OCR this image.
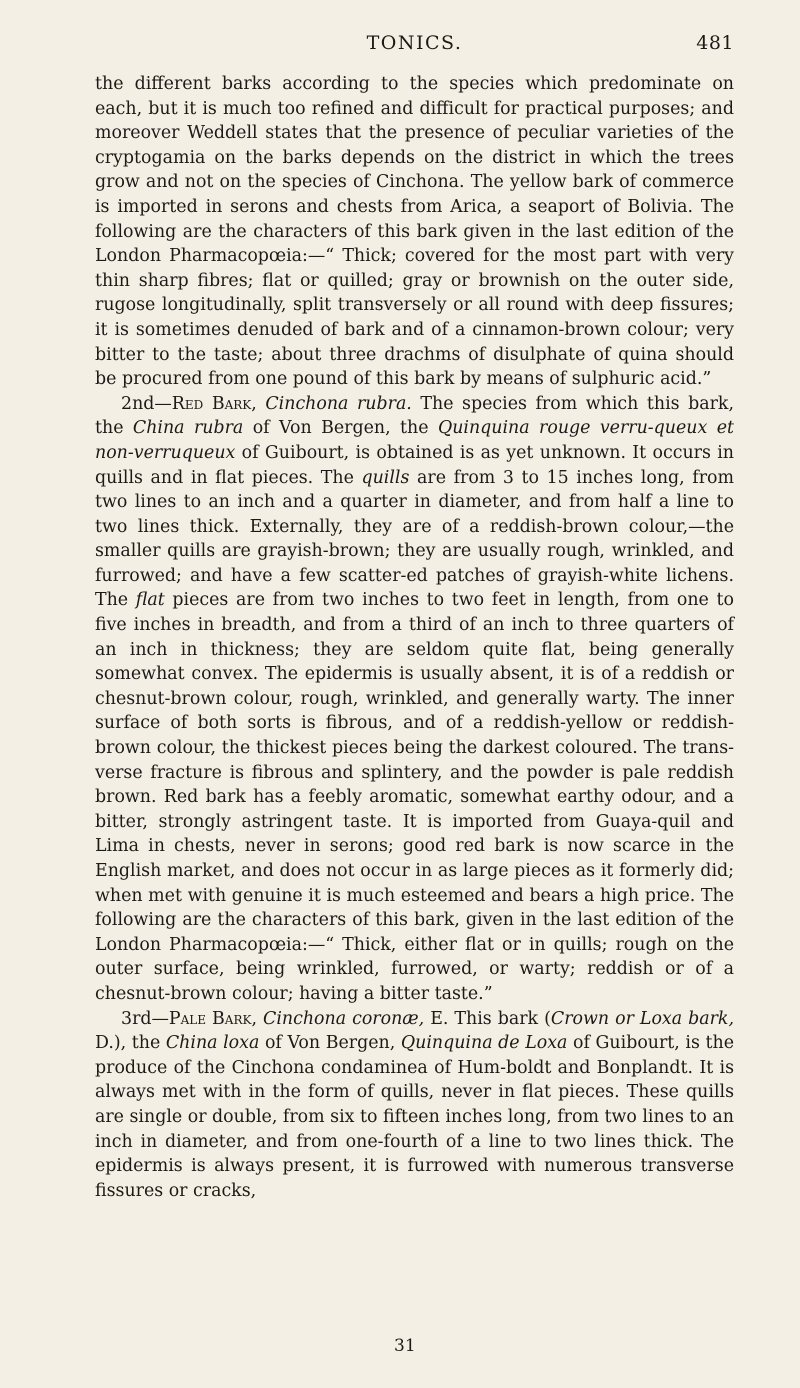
TONICS.	481

the different barks according to the species which predominate on each, but it is much too refined and difficult for practical purposes; and moreover Weddell states that the presence of peculiar varieties of the cryptogamia on the barks depends on the district in which the trees grow and not on the species of Cinchona. The yellow bark of commerce is imported in serons and chests from Arica, a seaport of Bolivia. The following are the characters of this bark given in the last edition of the London Pharmacopœia:—“ Thick; covered for the most part with very thin sharp fibres; flat or quilled; gray or brownish on the outer side, rugose longitudinally, split transversely or all round with deep fissures; it is sometimes denuded of bark and of a cinnamon-brown colour; very bitter to the taste; about three drachms of disulphate of quina should be procured from one pound of this bark by means of sulphuric acid.”

2nd—Red Bark, Cinchona rubra. The species from which this bark, the China rubra of Von Bergen, the Quinquina rouge verru-queux et non-verruqueux of Guibourt, is obtained is as yet unknown. It occurs in quills and in flat pieces. The quills are from 3 to 15 inches long, from two lines to an inch and a quarter in diameter, and from half a line to two lines thick. Externally, they are of a reddish-brown colour,—the smaller quills are grayish-brown; they are usually rough, wrinkled, and furrowed; and have a few scatter-ed patches of grayish-white lichens. The flat pieces are from two inches to two feet in length, from one to five inches in breadth, and from a third of an inch to three quarters of an inch in thickness; they are seldom quite flat, being generally somewhat convex. The epidermis is usually absent, it is of a reddish or chesnut-brown colour, rough, wrinkled, and generally warty. The inner surface of both sorts is fibrous, and of a reddish-yellow or reddish-brown colour, the thickest pieces being the darkest coloured. The trans-verse fracture is fibrous and splintery, and the powder is pale reddish brown. Red bark has a feebly aromatic, somewhat earthy odour, and a bitter, strongly astringent taste. It is imported from Guaya-quil and Lima in chests, never in serons; good red bark is now scarce in the English market, and does not occur in as large pieces as it formerly did; when met with genuine it is much esteemed and bears a high price. The following are the characters of this bark, given in the last edition of the London Pharmacopœia:—“ Thick, either flat or in quills; rough on the outer surface, being wrinkled, furrowed, or warty; reddish or of a chesnut-brown colour; having a bitter taste.”

3rd—Pale Bark, Cinchona coronæ, E. This bark (Crown or Loxa bark, D.), the China loxa of Von Bergen, Quinquina de Loxa of Guibourt, is the produce of the Cinchona condaminea of Hum-boldt and Bonplandt. It is always met with in the form of quills, never in flat pieces. These quills are single or double, from six to fifteen inches long, from two lines to an inch in diameter, and from one-fourth of a line to two lines thick. The epidermis is always present, it is furrowed with numerous transverse fissures or cracks,

31
